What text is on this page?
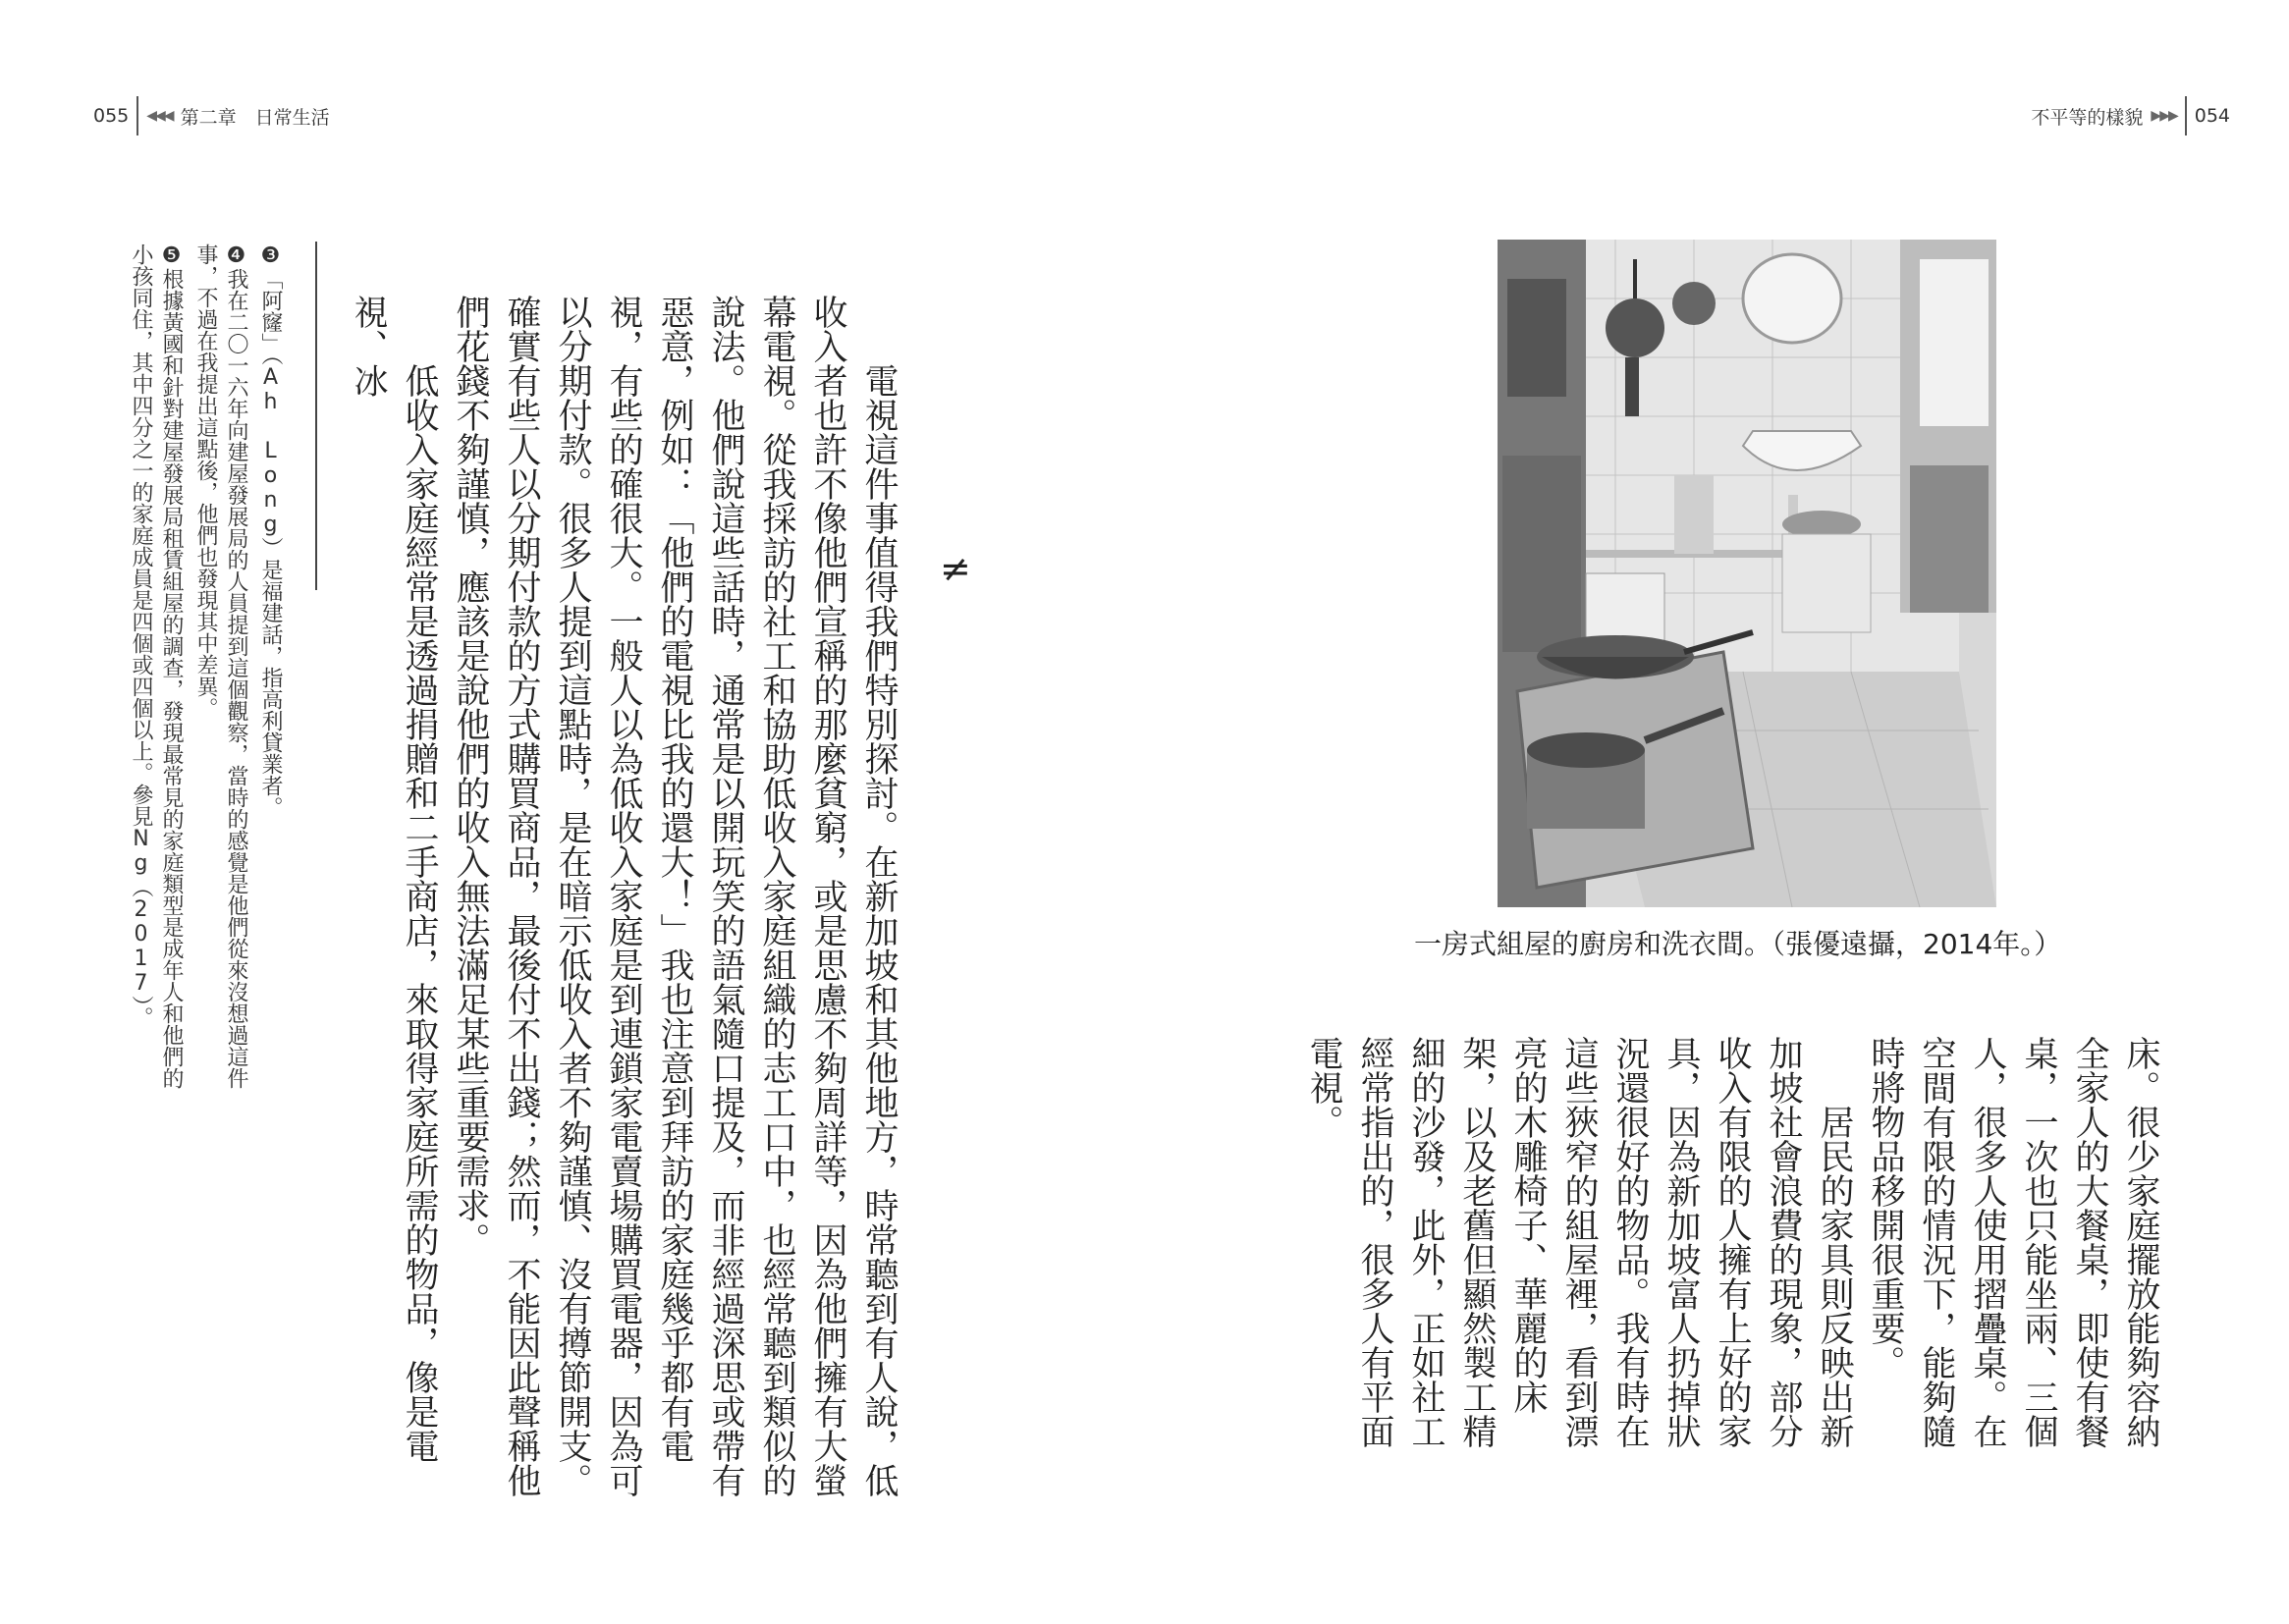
055 ◀◀◀ 第二章　日常生活	不平等的樣貌 ▶▶▶ 054

電視這件事值得我們特別探討。在新加坡和其他地方，時常聽到有人說，低收入者也許不像他們宣稱的那麼貧窮，或是思慮不夠周詳等，因為他們擁有大螢幕電視。從我採訪的社工和協助低收入家庭組織的志工口中，也經常聽到類似的說法。他們說這些話時，通常是以開玩笑的語氣隨口提及，而非經過深思或帶有惡意，例如：「他們的電視比我的還大！」我也注意到拜訪的家庭幾乎都有電視，有些的確很大。一般人以為低收入家庭是到連鎖家電賣場購買電器，因為可以分期付款。很多人提到這點時，是在暗示低收入者不夠謹慎、沒有撙節開支。確實有些人以分期付款的方式購買商品，最後付不出錢；然而，不能因此聲稱他們花錢不夠謹慎，應該是說他們的收入無法滿足某些重要需求。

低收入家庭經常是透過捐贈和二手商店，來取得家庭所需的物品，像是電視、冰

≠

❸「阿窿」（Ah Long）是福建話，指高利貸業者。

❹我在二〇一六年向建屋發展局的人員提到這個觀察，當時的感覺是他們從來沒想過這件事，不過在我提出這點後，他們也發現其中差異。

❺根據黃國和針對建屋發展局租賃組屋的調查，發現最常見的家庭類型是成年人和他們的小孩同住，其中四分之一的家庭成員是四個或四個以上。參見Ng（2017）。	一房式組屋的廚房和洗衣間。（張優遠攝，2014年。）

床。很少家庭擺放能夠容納全家人的大餐桌，即使有餐桌，一次也只能坐兩、三個人，很多人使用摺疊桌。在空間有限的情況下，能夠隨時將物品移開很重要。

居民的家具則反映出新加坡社會浪費的現象，部分收入有限的人擁有上好的家具，因為新加坡富人扔掉狀況還很好的物品。我有時在這些狹窄的組屋裡，看到漂亮的木雕椅子、華麗的床架，以及老舊但顯然製工精細的沙發，此外，正如社工經常指出的，很多人有平面電視。
